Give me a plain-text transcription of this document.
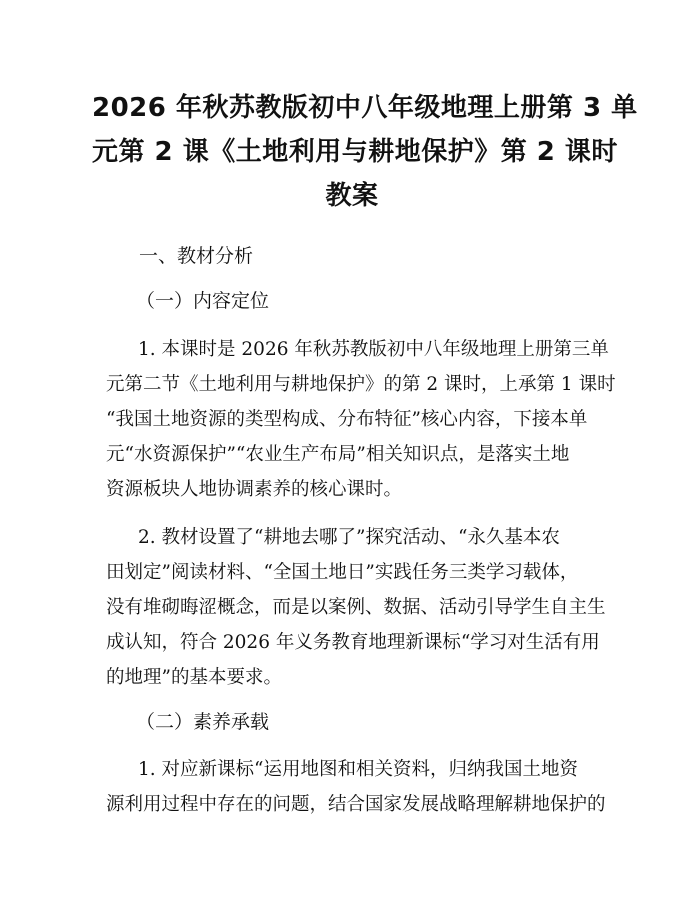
2026 年秋苏教版初中八年级地理上册第 3 单
元第 2 课《土地利用与耕地保护》第 2 课时
教案
一、教材分析
（一）内容定位
1. 本课时是 2026 年秋苏教版初中八年级地理上册第三单
元第二节《土地利用与耕地保护》的第 2 课时，上承第 1 课时
“我国土地资源的类型构成、分布特征”核心内容，下接本单
元“水资源保护”“农业生产布局”相关知识点，是落实土地
资源板块人地协调素养的核心课时。
2. 教材设置了“耕地去哪了”探究活动、“永久基本农
田划定”阅读材料、“全国土地日”实践任务三类学习载体，
没有堆砌晦涩概念，而是以案例、数据、活动引导学生自主生
成认知，符合 2026 年义务教育地理新课标“学习对生活有用
的地理”的基本要求。
（二）素养承载
1. 对应新课标“运用地图和相关资料，归纳我国土地资
源利用过程中存在的问题，结合国家发展战略理解耕地保护的
